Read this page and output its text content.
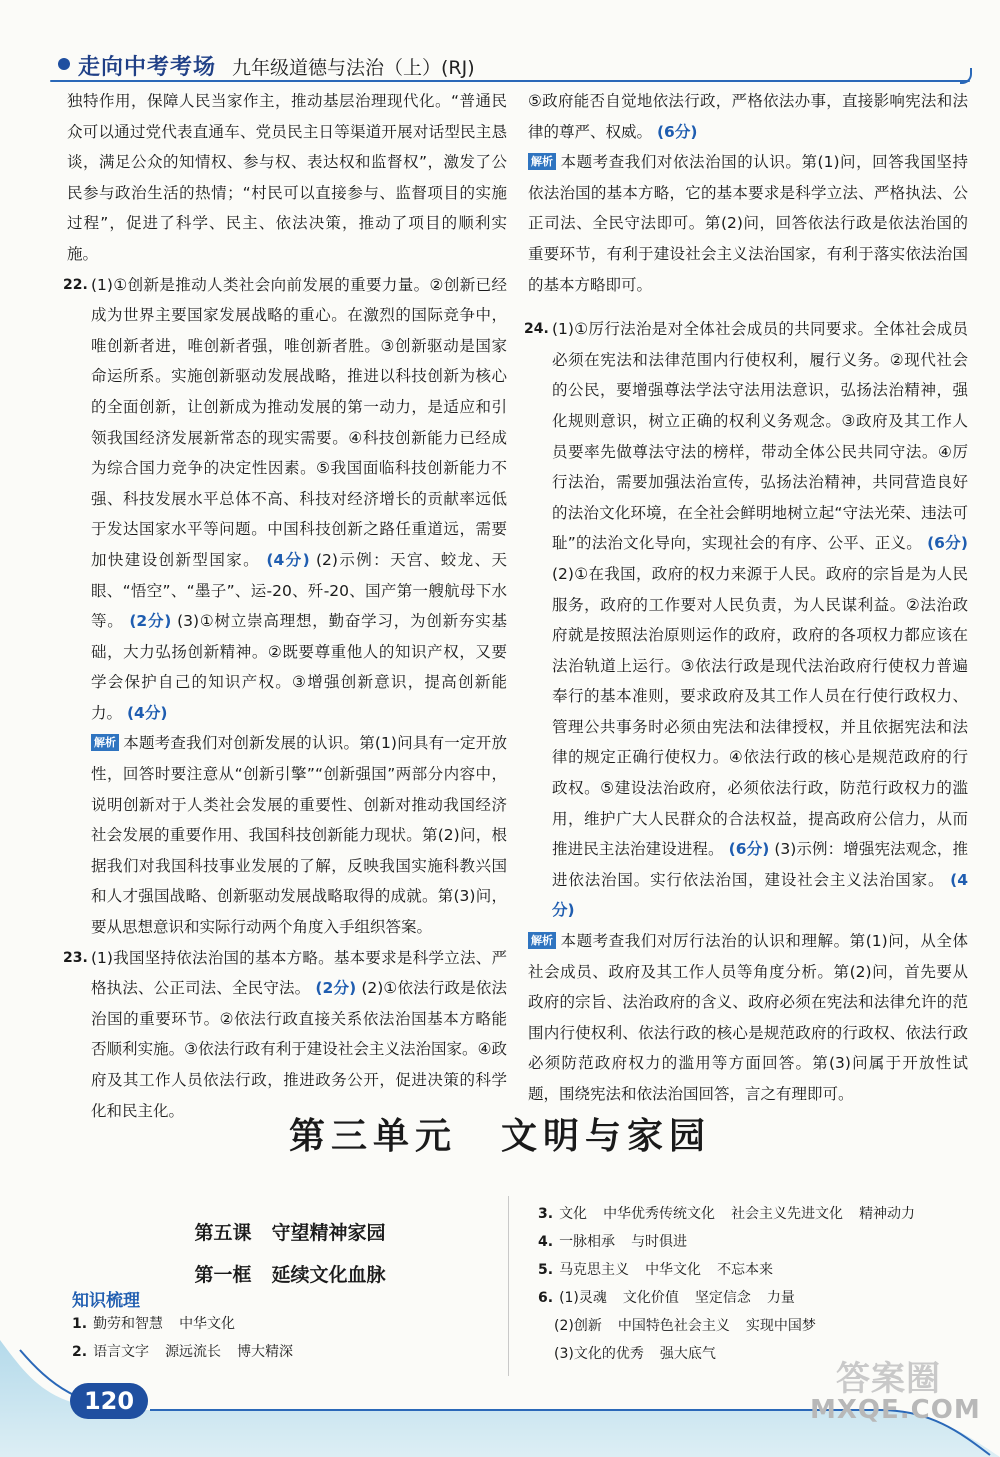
走向中考考场 九年级道德与法治（上）(RJ)

独特作用，保障人民当家作主，推动基层治理现代化。“普通民众可以通过党代表直通车、党员民主日等渠道开展对话型民主恳谈，满足公众的知情权、参与权、表达权和监督权”，激发了公民参与政治生活的热情；“村民可以直接参与、监督项目的实施过程”，促进了科学、民主、依法决策，推动了项目的顺利实施。

22. (1)①创新是推动人类社会向前发展的重要力量。②创新已经成为世界主要国家发展战略的重心。在激烈的国际竞争中，唯创新者进，唯创新者强，唯创新者胜。③创新驱动是国家命运所系。实施创新驱动发展战略，推进以科技创新为核心的全面创新，让创新成为推动发展的第一动力，是适应和引领我国经济发展新常态的现实需要。④科技创新能力已经成为综合国力竞争的决定性因素。⑤我国面临科技创新能力不强、科技发展水平总体不高、科技对经济增长的贡献率远低于发达国家水平等问题。中国科技创新之路任重道远，需要加快建设创新型国家。 (4分) (2)示例：天宫、蛟龙、天眼、“悟空”、“墨子”、运-20、歼-20、国产第一艘航母下水等。 (2分) (3)①树立崇高理想，勤奋学习，为创新夯实基础，大力弘扬创新精神。②既要尊重他人的知识产权，又要学会保护自己的知识产权。③增强创新意识，提高创新能力。 (4分)

解析 本题考查我们对创新发展的认识。第(1)问具有一定开放性，回答时要注意从“创新引擎”“创新强国”两部分内容中，说明创新对于人类社会发展的重要性、创新对推动我国经济社会发展的重要作用、我国科技创新能力现状。第(2)问，根据我们对我国科技事业发展的了解，反映我国实施科教兴国和人才强国战略、创新驱动发展战略取得的成就。第(3)问，要从思想意识和实际行动两个角度入手组织答案。

23. (1)我国坚持依法治国的基本方略。基本要求是科学立法、严格执法、公正司法、全民守法。 (2分) (2)①依法行政是依法治国的重要环节。②依法行政直接关系依法治国基本方略能否顺利实施。③依法行政有利于建设社会主义法治国家。④政府及其工作人员依法行政，推进政务公开，促进决策的科学化和民主化。

⑤政府能否自觉地依法行政，严格依法办事，直接影响宪法和法律的尊严、权威。 (6分)

解析 本题考查我们对依法治国的认识。第(1)问，回答我国坚持依法治国的基本方略，它的基本要求是科学立法、严格执法、公正司法、全民守法即可。第(2)问，回答依法行政是依法治国的重要环节，有利于建设社会主义法治国家，有利于落实依法治国的基本方略即可。

24. (1)①厉行法治是对全体社会成员的共同要求。全体社会成员必须在宪法和法律范围内行使权利，履行义务。②现代社会的公民，要增强尊法学法守法用法意识，弘扬法治精神，强化规则意识，树立正确的权利义务观念。③政府及其工作人员要率先做尊法守法的榜样，带动全体公民共同守法。④厉行法治，需要加强法治宣传，弘扬法治精神，共同营造良好的法治文化环境，在全社会鲜明地树立起“守法光荣、违法可耻”的法治文化导向，实现社会的有序、公平、正义。 (6分) (2)①在我国，政府的权力来源于人民。政府的宗旨是为人民服务，政府的工作要对人民负责，为人民谋利益。②法治政府就是按照法治原则运作的政府，政府的各项权力都应该在法治轨道上运行。③依法行政是现代法治政府行使权力普遍奉行的基本准则，要求政府及其工作人员在行使行政权力、管理公共事务时必须由宪法和法律授权，并且依据宪法和法律的规定正确行使权力。④依法行政的核心是规范政府的行政权。⑤建设法治政府，必须依法行政，防范行政权力的滥用，维护广大人民群众的合法权益，提高政府公信力，从而推进民主法治建设进程。 (6分) (3)示例：增强宪法观念，推进依法治国。实行依法治国，建设社会主义法治国家。 (4分)

解析 本题考查我们对厉行法治的认识和理解。第(1)问，从全体社会成员、政府及其工作人员等角度分析。第(2)问，首先要从政府的宗旨、法治政府的含义、政府必须在宪法和法律允许的范围内行使权利、依法行政的核心是规范政府的行政权、依法行政必须防范政府权力的滥用等方面回答。第(3)问属于开放性试题，围绕宪法和依法治国回答，言之有理即可。

第三单元 文明与家园
第五课 守望精神家园
第一框 延续文化血脉
知识梳理
1. 勤劳和智慧 中华文化
2. 语言文字 源远流长 博大精深
3. 文化 中华优秀传统文化 社会主义先进文化 精神动力
4. 一脉相承 与时俱进
5. 马克思主义 中华文化 不忘本来
6. (1)灵魂 文化价值 坚定信念 力量
(2)创新 中国特色社会主义 实现中国梦
(3)文化的优秀 强大底气
120
答案圈
MXQE.COM
